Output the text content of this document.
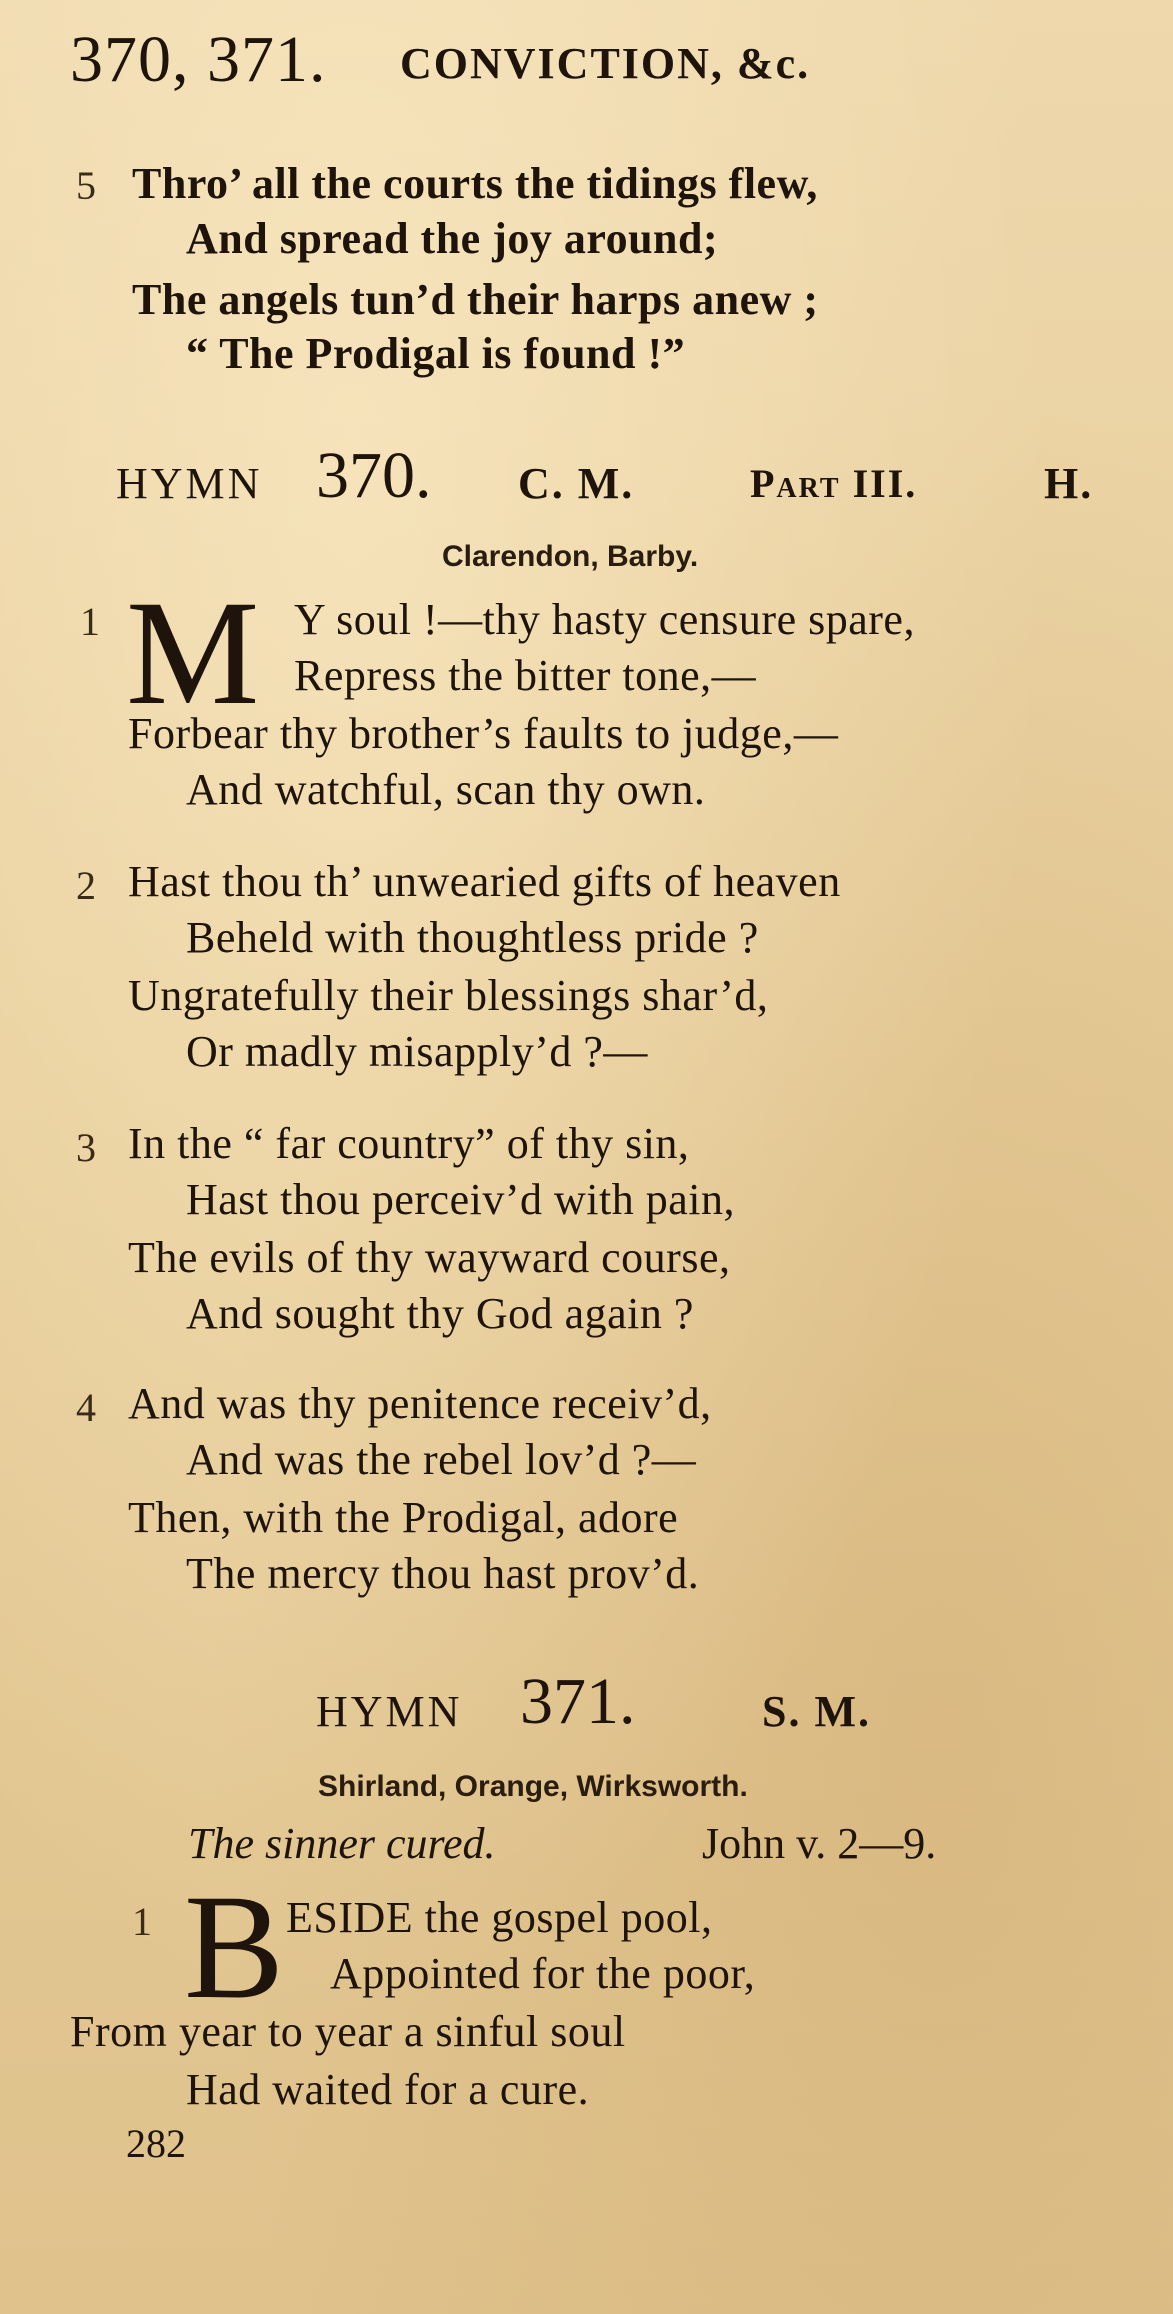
370, 371. CONVICTION, &c.
5 Thro’ all the courts the tidings flew,
And spread the joy around;
The angels tun’d their harps anew ;
“ The Prodigal is found !”
HYMN 370. C. M.	Part III.	H.
Clarendon, Barby.
1 M Y soul !—thy hasty censure spare,
Repress the bitter tone,—
Forbear thy brother’s faults to judge,—
And watchful, scan thy own.
2 Hast thou th’ unwearied gifts of heaven
Beheld with thoughtless pride ?
Ungratefully their blessings shar’d,
Or madly misapply’d ?—
3 In the “ far country” of thy sin,
Hast thou perceiv’d with pain,
The evils of thy wayward course,
And sought thy God again ?
4 And was thy penitence receiv’d,
And was the rebel lov’d ?—
Then, with the Prodigal, adore
The mercy thou hast prov’d.
HYMN 371.	S. M.
Shirland, Orange, Wirksworth.
The sinner cured.	John v. 2—9.
1 B ESIDE the gospel pool,
Appointed for the poor,
From year to year a sinful soul
Had waited for a cure.
282
